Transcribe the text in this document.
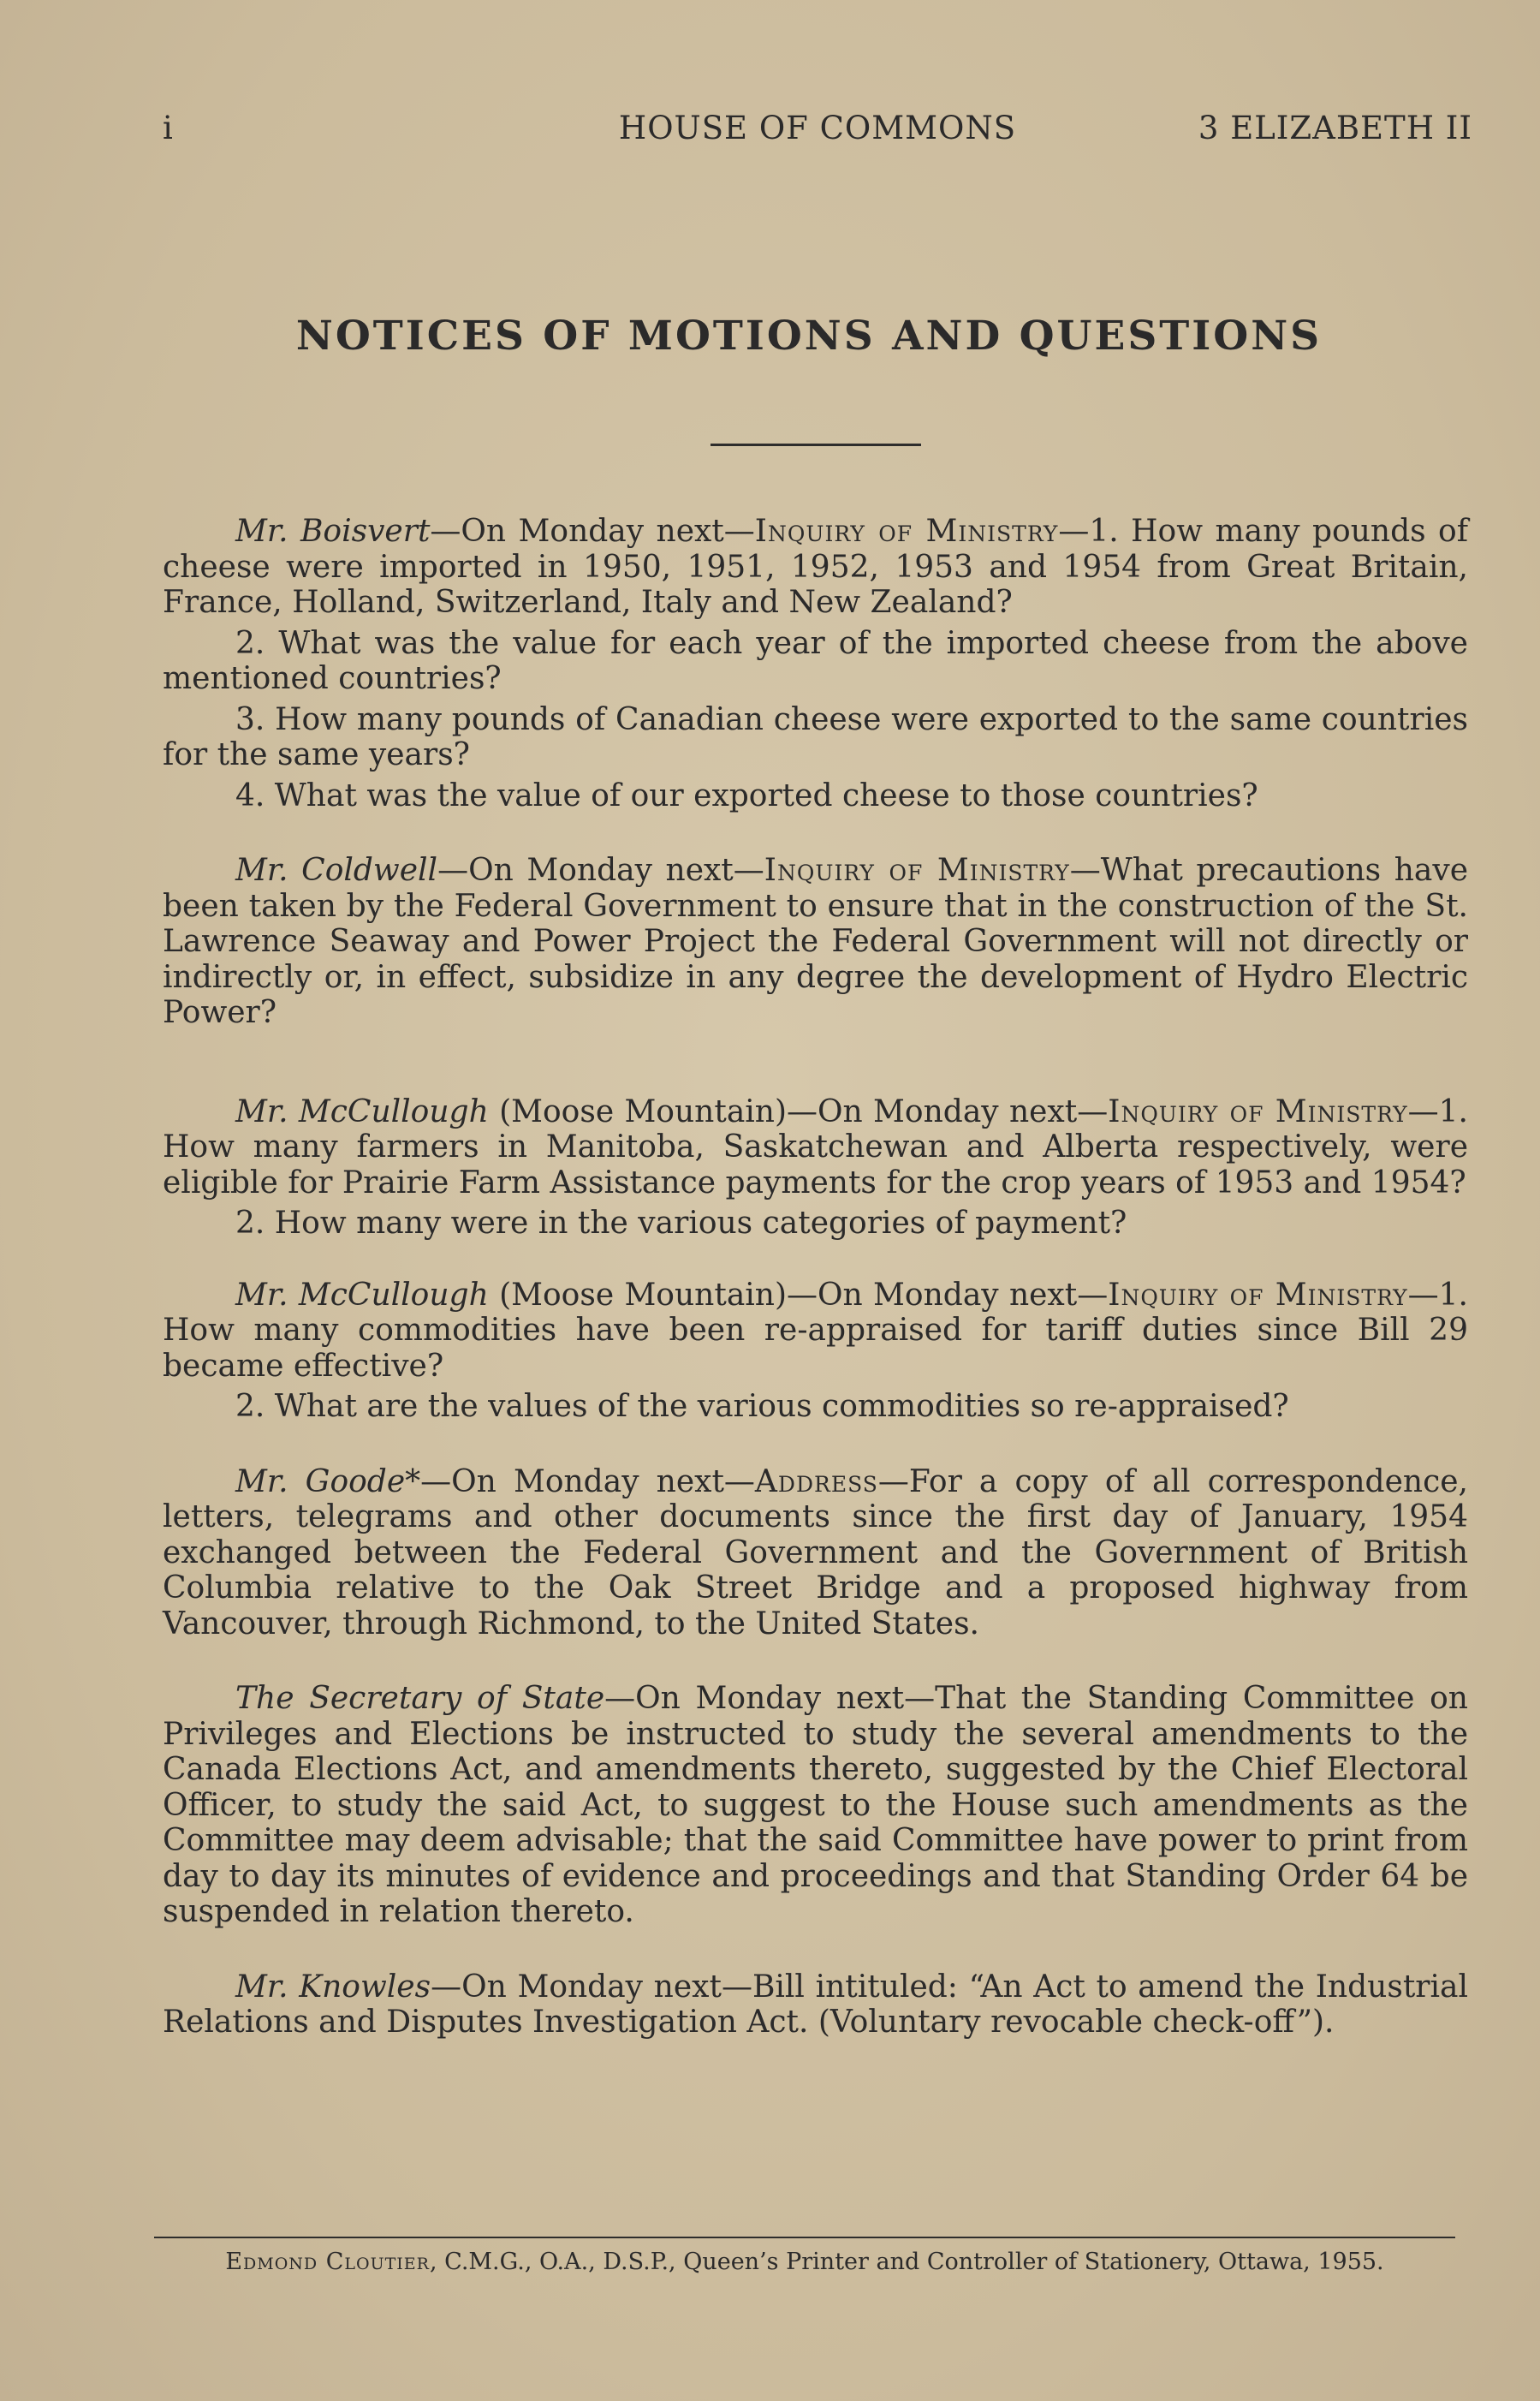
i	HOUSE OF COMMONS	3 ELIZABETH II
NOTICES OF MOTIONS AND QUESTIONS

Mr. Boisvert—On Monday next—Inquiry of Ministry—1. How many pounds of cheese were imported in 1950, 1951, 1952, 1953 and 1954 from Great Britain, France, Holland, Switzerland, Italy and New Zealand?

2. What was the value for each year of the imported cheese from the above mentioned countries?

3. How many pounds of Canadian cheese were exported to the same countries for the same years?

4. What was the value of our exported cheese to those countries?

Mr. Coldwell—On Monday next—Inquiry of Ministry—What precautions have been taken by the Federal Government to ensure that in the construction of the St. Lawrence Seaway and Power Project the Federal Government will not directly or indirectly or, in effect, subsidize in any degree the development of Hydro Electric Power?

Mr. McCullough (Moose Mountain)—On Monday next—Inquiry of Ministry—1. How many farmers in Manitoba, Saskatchewan and Alberta respectively, were eligible for Prairie Farm Assistance payments for the crop years of 1953 and 1954?

2. How many were in the various categories of payment?

Mr. McCullough (Moose Mountain)—On Monday next—Inquiry of Ministry—1. How many commodities have been re-appraised for tariff duties since Bill 29 became effective?

2. What are the values of the various commodities so re-appraised?

Mr. Goode*—On Monday next—Address—For a copy of all correspondence, letters, telegrams and other documents since the first day of January, 1954 exchanged between the Federal Government and the Government of British Columbia relative to the Oak Street Bridge and a proposed highway from Vancouver, through Richmond, to the United States.

The Secretary of State—On Monday next—That the Standing Committee on Privileges and Elections be instructed to study the several amendments to the Canada Elections Act, and amendments thereto, suggested by the Chief Electoral Officer, to study the said Act, to suggest to the House such amendments as the Committee may deem advisable; that the said Committee have power to print from day to day its minutes of evidence and proceedings and that Standing Order 64 be suspended in relation thereto.

Mr. Knowles—On Monday next—Bill intituled: “An Act to amend the Industrial Relations and Disputes Investigation Act. (Voluntary revocable check-off”).

Edmond Cloutier, C.M.G., O.A., D.S.P., Queen’s Printer and Controller of Stationery, Ottawa, 1955.
